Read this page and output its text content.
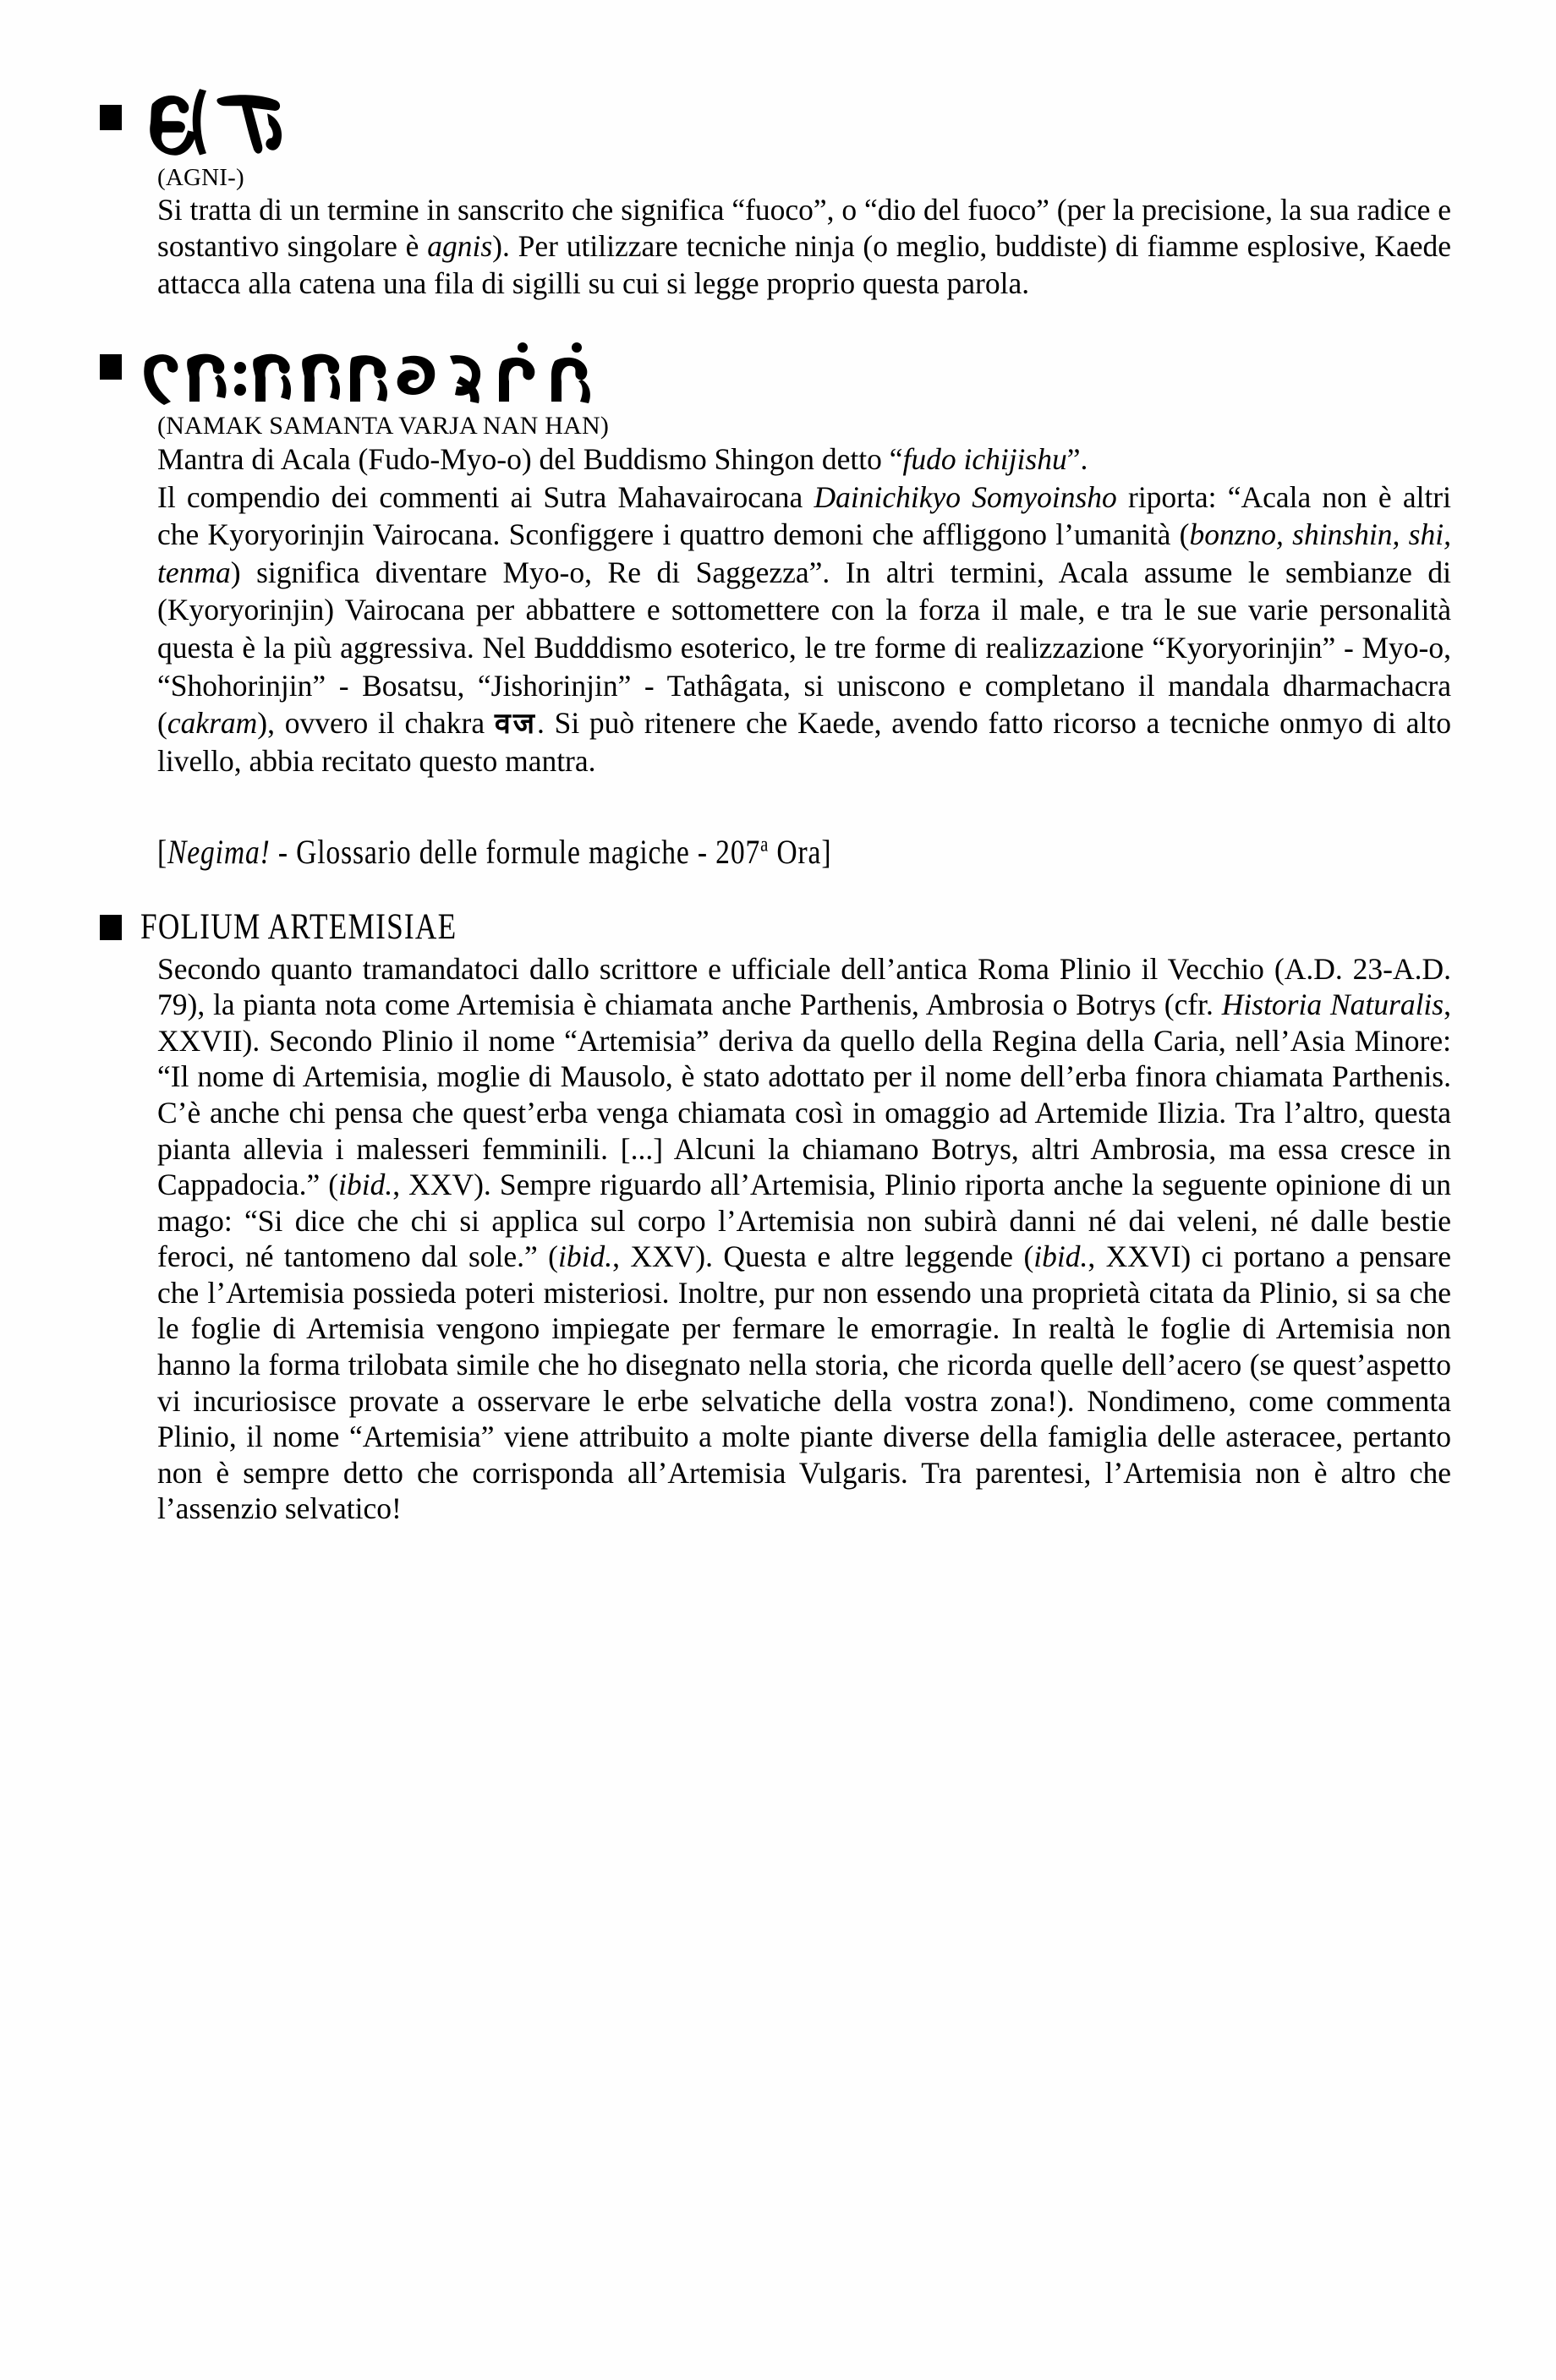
(AGNI-)
Si tratta di un termine in sanscrito che significa “fuoco”, o “dio del fuoco” (per la precisione, la sua radice e sostantivo singolare è agnis). Per utilizzare tecniche ninja (o meglio, buddiste) di fiamme esplosive, Kaede attacca alla catena una fila di sigilli su cui si legge proprio questa parola.
(NAMAK SAMANTA VARJA NAN HAN)
Mantra di Acala (Fudo-Myo-o) del Buddismo Shingon detto “fudo ichijishu”.
Il compendio dei commenti ai Sutra Mahavairocana Dainichikyo Somyoinsho riporta: “Acala non è altri che Kyoryorinjin Vairocana. Sconfiggere i quattro demoni che affliggono l’umanità (bonzno, shinshin, shi, tenma) significa diventare Myo-o, Re di Saggezza”. In altri termini, Acala assume le sembianze di (Kyoryorinjin) Vairocana per abbattere e sottomettere con la forza il male, e tra le sue varie personalità questa è la più aggressiva. Nel Budddismo esoterico, le tre forme di realizzazione “Kyoryorinjin” - Myo-o, “Shohorinjin” - Bosatsu, “Jishorinjin” - Tathâgata, si uniscono e completano il mandala dharmachacra (cakram), ovvero il chakra वज. Si può ritenere che Kaede, avendo fatto ricorso a tecniche onmyo di alto livello, abbia recitato questo mantra.
[Negima! - Glossario delle formule magiche - 207$^a$ Ora]
FOLIUM ARTEMISIAE
Secondo quanto tramandatoci dallo scrittore e ufficiale dell’antica Roma Plinio il Vecchio (A.D. 23-A.D. 79), la pianta nota come Artemisia è chiamata anche Parthenis, Ambrosia o Botrys (cfr. Historia Naturalis, XXVII). Secondo Plinio il nome “Artemisia” deriva da quello della Regina della Caria, nell’Asia Minore: “Il nome di Artemisia, moglie di Mausolo, è stato adottato per il nome dell’erba finora chiamata Parthenis. C’è anche chi pensa che quest’erba venga chiamata così in omaggio ad Artemide Ilizia. Tra l’altro, questa pianta allevia i malesseri femminili. [...] Alcuni la chiamano Botrys, altri Ambrosia, ma essa cresce in Cappadocia.” (ibid., XXV). Sempre riguardo all’Artemisia, Plinio riporta anche la seguente opinione di un mago: “Si dice che chi si applica sul corpo l’Artemisia non subirà danni né dai veleni, né dalle bestie feroci, né tantomeno dal sole.” (ibid., XXV). Questa e altre leggende (ibid., XXVI) ci portano a pensare che l’Artemisia possieda poteri misteriosi. Inoltre, pur non essendo una proprietà citata da Plinio, si sa che le foglie di Artemisia vengono impiegate per fermare le emorragie. In realtà le foglie di Artemisia non hanno la forma trilobata simile che ho disegnato nella storia, che ricorda quelle dell’acero (se quest’aspetto vi incuriosisce provate a osservare le erbe selvatiche della vostra zona!). Nondimeno, come commenta Plinio, il nome “Artemisia” viene attribuito a molte piante diverse della famiglia delle asteracee, pertanto non è sempre detto che corrisponda all’Artemisia Vulgaris. Tra parentesi, l’Artemisia non è altro che l’assenzio selvatico!
